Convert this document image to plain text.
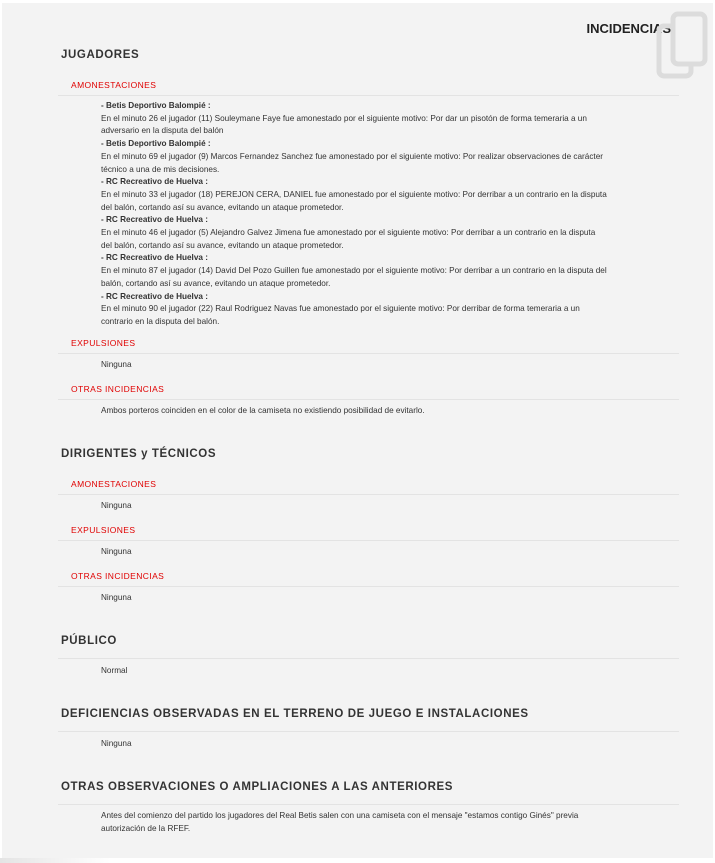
INCIDENCIAS
JUGADORES
AMONESTACIONES
- Betis Deportivo Balompié :
En el minuto 26 el jugador (11) Souleymane Faye fue amonestado por el siguiente motivo: Por dar un pisotón de forma temeraria a un
adversario en la disputa del balón
- Betis Deportivo Balompié :
En el minuto 69 el jugador (9) Marcos Fernandez Sanchez fue amonestado por el siguiente motivo: Por realizar observaciones de carácter
técnico a una de mis decisiones.
- RC Recreativo de Huelva :
En el minuto 33 el jugador (18) PEREJON CERA, DANIEL fue amonestado por el siguiente motivo: Por derribar a un contrario en la disputa
del balón, cortando así su avance, evitando un ataque prometedor.
- RC Recreativo de Huelva :
En el minuto 46 el jugador (5) Alejandro Galvez Jimena fue amonestado por el siguiente motivo: Por derribar a un contrario en la disputa
del balón, cortando así su avance, evitando un ataque prometedor.
- RC Recreativo de Huelva :
En el minuto 87 el jugador (14) David Del Pozo Guillen fue amonestado por el siguiente motivo: Por derribar a un contrario en la disputa del
balón, cortando así su avance, evitando un ataque prometedor.
- RC Recreativo de Huelva :
En el minuto 90 el jugador (22) Raul Rodriguez Navas fue amonestado por el siguiente motivo: Por derribar de forma temeraria a un
contrario en la disputa del balón.
EXPULSIONES
Ninguna
OTRAS INCIDENCIAS
Ambos porteros coinciden en el color de la camiseta no existiendo posibilidad de evitarlo.
DIRIGENTES y TÉCNICOS
AMONESTACIONES
Ninguna
EXPULSIONES
Ninguna
OTRAS INCIDENCIAS
Ninguna
PÚBLICO
Normal
DEFICIENCIAS OBSERVADAS EN EL TERRENO DE JUEGO E INSTALACIONES
Ninguna
OTRAS OBSERVACIONES O AMPLIACIONES A LAS ANTERIORES
Antes del comienzo del partido los jugadores del Real Betis salen con una camiseta con el mensaje "estamos contigo Ginés" previa
autorización de la RFEF.
